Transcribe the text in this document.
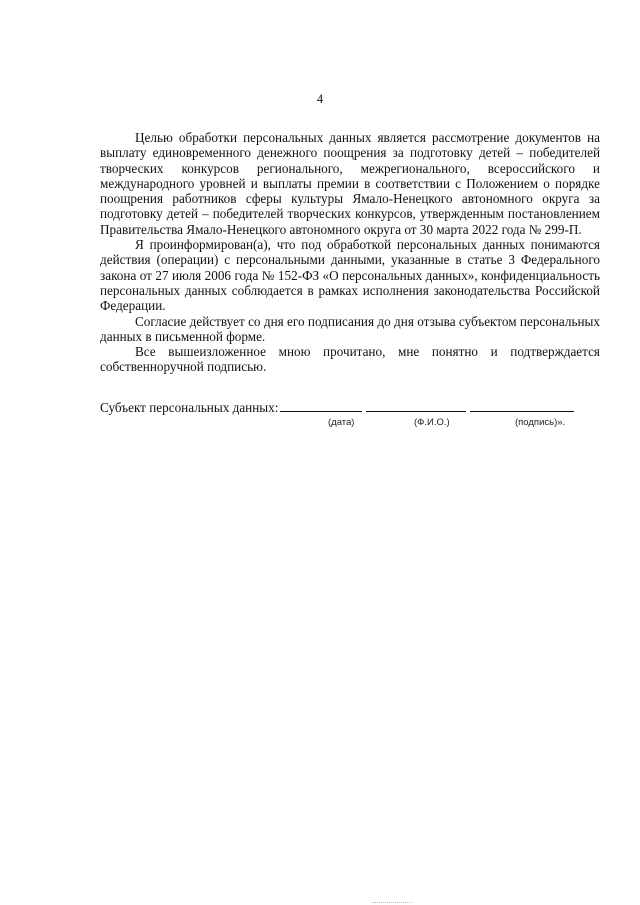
4

Целью обработки персональных данных является рассмотрение документов на выплату единовременного денежного поощрения за подготовку детей – победителей творческих конкурсов регионального, межрегионального, всероссийского и международного уровней и выплаты премии в соответствии с Положением о порядке поощрения работников сферы культуры Ямало-Ненецкого автономного округа за подготовку детей – победителей творческих конкурсов, утвержденным постановлением Правительства Ямало-Ненецкого автономного округа от 30 марта 2022 года № 299-П.

Я проинформирован(а), что под обработкой персональных данных понимаются действия (операции) с персональными данными, указанные в статье 3 Федерального закона от 27 июля 2006 года № 152-ФЗ «О персональных данных», конфиденциальность персональных данных соблюдается в рамках исполнения законодательства Российской Федерации.

Согласие действует со дня его подписания до дня отзыва субъектом персональных данных в письменной форме.

Все вышеизложенное мною прочитано, мне понятно и подтверждается собственноручной подписью.

Субъект персональных данных:
(дата)	(Ф.И.О.)	(подпись)».
